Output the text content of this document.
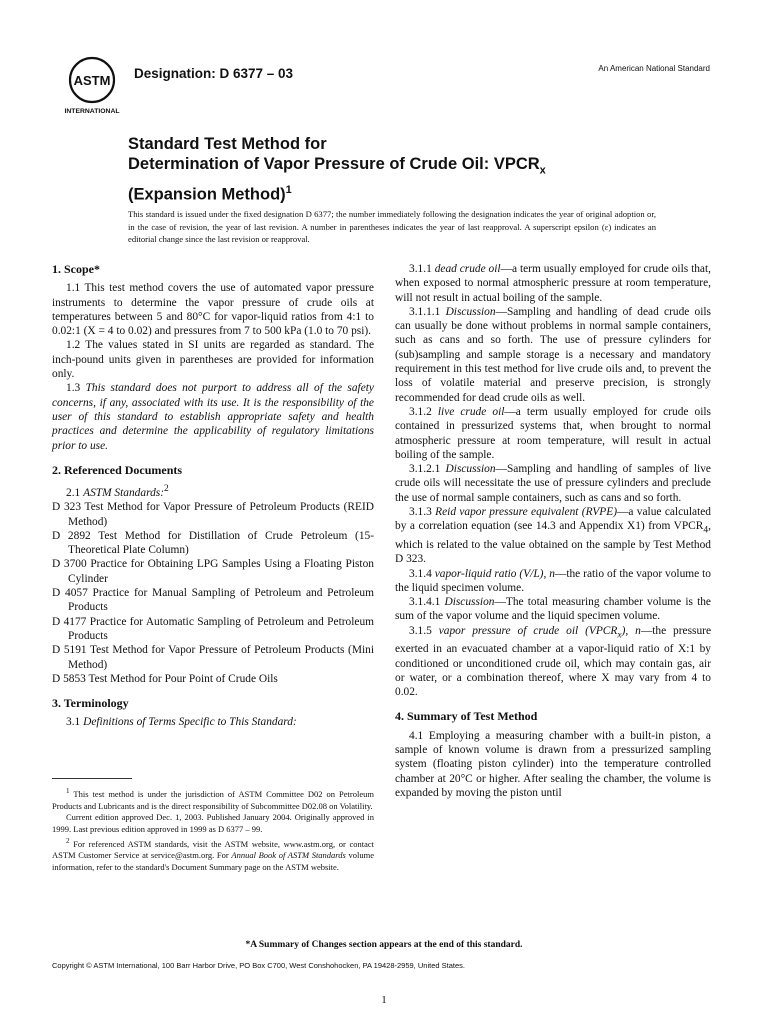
ASTM
INTERNATIONAL
Designation: D 6377 – 03	An American National Standard
Standard Test Method for
Determination of Vapor Pressure of Crude Oil: $VPCR_x$
(Expansion Method)$^1$
This standard is issued under the fixed designation D 6377; the number immediately following the designation indicates the year of original adoption or, in the case of revision, the year of last revision. A number in parentheses indicates the year of last reapproval. A superscript epsilon (ε) indicates an editorial change since the last revision or reapproval.
1. Scope*

1.1 This test method covers the use of automated vapor pressure instruments to determine the vapor pressure of crude oils at temperatures between 5 and 80°C for vapor-liquid ratios from 4:1 to 0.02:1 (X = 4 to 0.02) and pressures from 7 to 500 kPa (1.0 to 70 psi).

1.2 The values stated in SI units are regarded as standard. The inch-pound units given in parentheses are provided for information only.

1.3 This standard does not purport to address all of the safety concerns, if any, associated with its use. It is the responsibility of the user of this standard to establish appropriate safety and health practices and determine the applicability of regulatory limitations prior to use.

2. Referenced Documents

2.1 ASTM Standards:$^2$

D 323 Test Method for Vapor Pressure of Petroleum Products (REID Method)

D 2892 Test Method for Distillation of Crude Petroleum (15-Theoretical Plate Column)

D 3700 Practice for Obtaining LPG Samples Using a Floating Piston Cylinder

D 4057 Practice for Manual Sampling of Petroleum and Petroleum Products

D 4177 Practice for Automatic Sampling of Petroleum and Petroleum Products

D 5191 Test Method for Vapor Pressure of Petroleum Products (Mini Method)

D 5853 Test Method for Pour Point of Crude Oils

3. Terminology

3.1 Definitions of Terms Specific to This Standard:

$^1$ This test method is under the jurisdiction of ASTM Committee D02 on Petroleum Products and Lubricants and is the direct responsibility of Subcommittee D02.08 on Volatility.

Current edition approved Dec. 1, 2003. Published January 2004. Originally approved in 1999. Last previous edition approved in 1999 as D 6377 – 99.

$^2$ For referenced ASTM standards, visit the ASTM website, www.astm.org, or contact ASTM Customer Service at service@astm.org. For Annual Book of ASTM Standards volume information, refer to the standard's Document Summary page on the ASTM website.

3.1.1 dead crude oil—a term usually employed for crude oils that, when exposed to normal atmospheric pressure at room temperature, will not result in actual boiling of the sample.

3.1.1.1 Discussion—Sampling and handling of dead crude oils can usually be done without problems in normal sample containers, such as cans and so forth. The use of pressure cylinders for (sub)sampling and sample storage is a necessary and mandatory requirement in this test method for live crude oils and, to prevent the loss of volatile material and preserve precision, is strongly recommended for dead crude oils as well.

3.1.2 live crude oil—a term usually employed for crude oils contained in pressurized systems that, when brought to normal atmospheric pressure at room temperature, will result in actual boiling of the sample.

3.1.2.1 Discussion—Sampling and handling of samples of live crude oils will necessitate the use of pressure cylinders and preclude the use of normal sample containers, such as cans and so forth.

3.1.3 Reid vapor pressure equivalent (RVPE)—a value calculated by a correlation equation (see 14.3 and Appendix X1) from $VPCR_4$, which is related to the value obtained on the sample by Test Method D 323.

3.1.4 vapor-liquid ratio (V/L), n—the ratio of the vapor volume to the liquid specimen volume.

3.1.4.1 Discussion—The total measuring chamber volume is the sum of the vapor volume and the liquid specimen volume.

3.1.5 vapor pressure of crude oil $(VPCR_x)$, n—the pressure exerted in an evacuated chamber at a vapor-liquid ratio of X:1 by conditioned or unconditioned crude oil, which may contain gas, air or water, or a combination thereof, where X may vary from 4 to 0.02.

4. Summary of Test Method

4.1 Employing a measuring chamber with a built-in piston, a sample of known volume is drawn from a pressurized sampling system (floating piston cylinder) into the temperature controlled chamber at 20°C or higher. After sealing the chamber, the volume is expanded by moving the piston until

*A Summary of Changes section appears at the end of this standard.
Copyright © ASTM International, 100 Barr Harbor Drive, PO Box C700, West Conshohocken, PA 19428-2959, United States.
1
